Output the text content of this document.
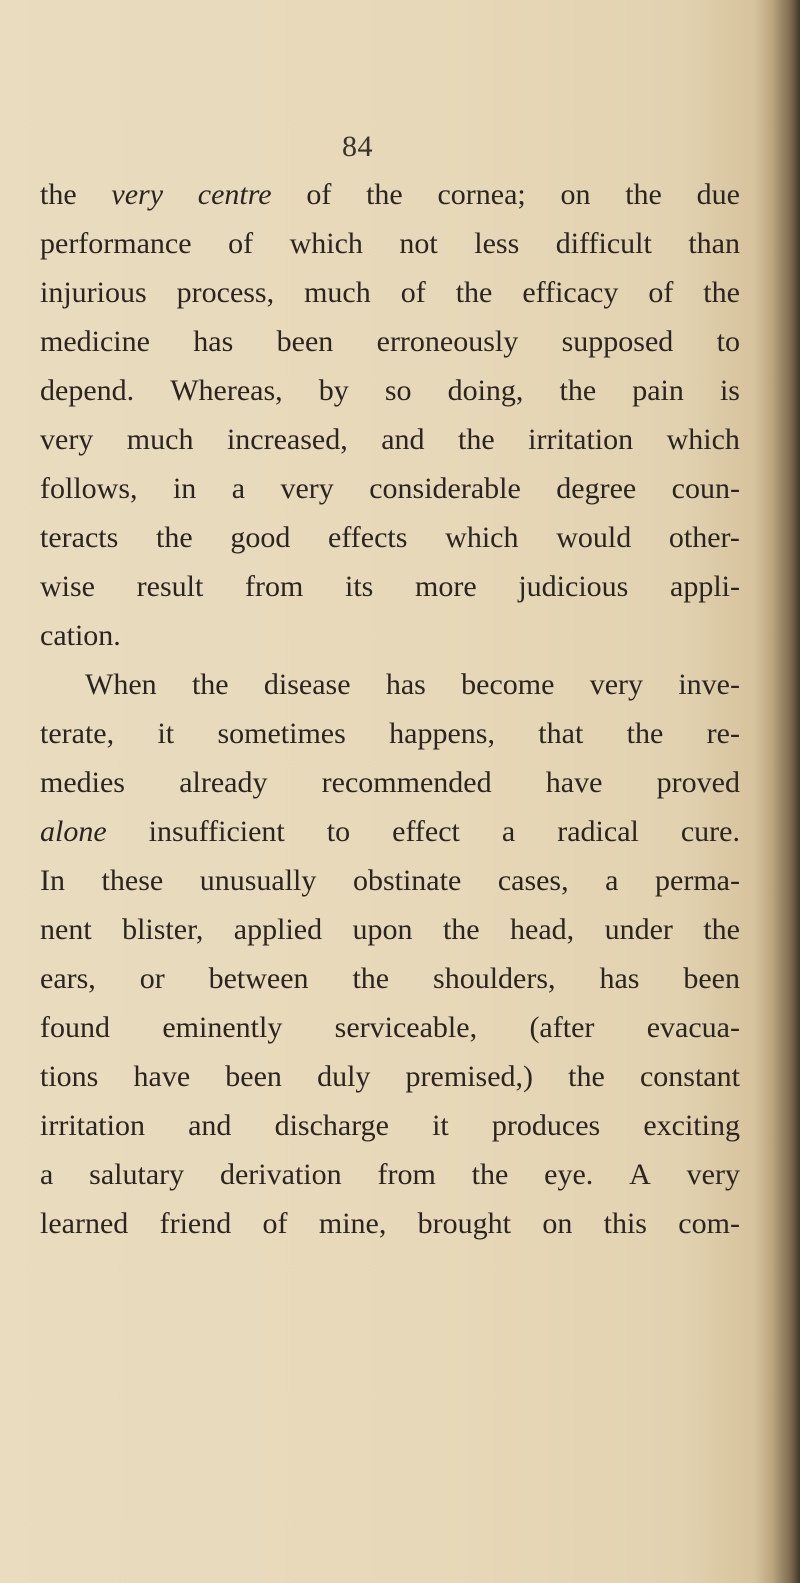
84
the very centre of the cornea; on the due
performance of which not less difficult than
injurious process, much of the efficacy of the
medicine has been erroneously supposed to
depend. Whereas, by so doing, the pain is
very much increased, and the irritation which
follows, in a very considerable degree coun-
teracts the good effects which would other-
wise result from its more judicious appli-
cation.
When the disease has become very inve-
terate, it sometimes happens, that the re-
medies already recommended have proved
alone insufficient to effect a radical cure.
In these unusually obstinate cases, a perma-
nent blister, applied upon the head, under the
ears, or between the shoulders, has been
found eminently serviceable, (after evacua-
tions have been duly premised,) the constant
irritation and discharge it produces exciting
a salutary derivation from the eye. A very
learned friend of mine, brought on this com-
